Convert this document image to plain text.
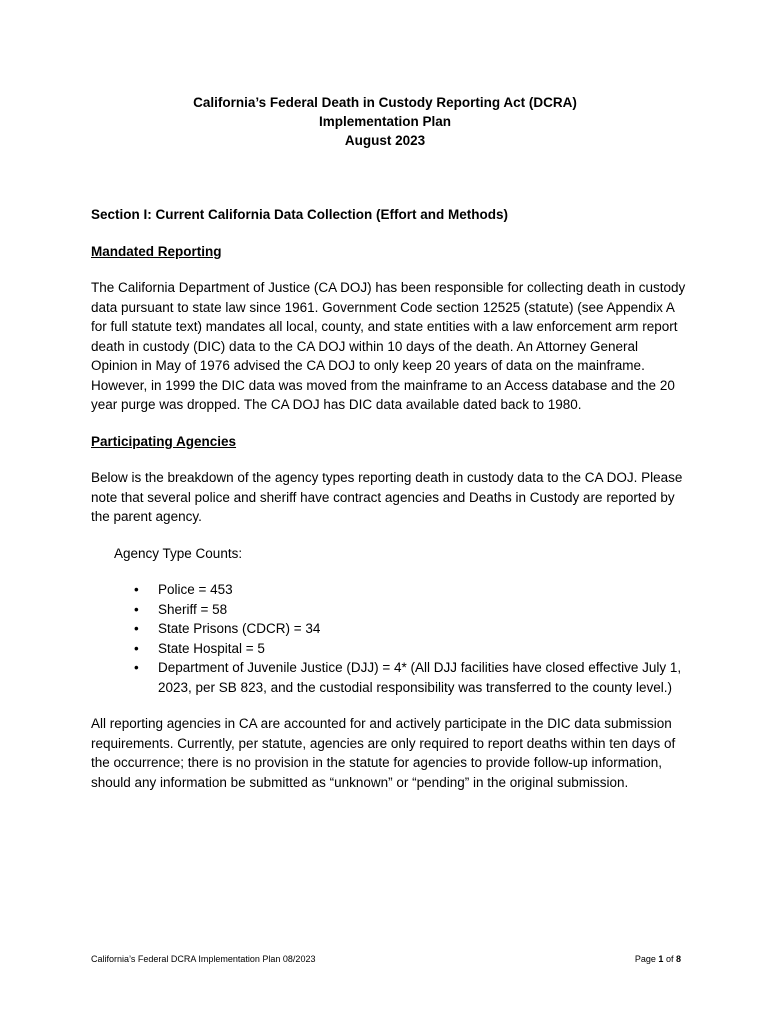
California’s Federal Death in Custody Reporting Act (DCRA)
Implementation Plan
August 2023

Section I: Current California Data Collection (Effort and Methods)

Mandated Reporting

The California Department of Justice (CA DOJ) has been responsible for collecting death in custody data pursuant to state law since 1961. Government Code section 12525 (statute) (see Appendix A for full statute text) mandates all local, county, and state entities with a law enforcement arm report death in custody (DIC) data to the CA DOJ within 10 days of the death. An Attorney General Opinion in May of 1976 advised the CA DOJ to only keep 20 years of data on the mainframe. However, in 1999 the DIC data was moved from the mainframe to an Access database and the 20 year purge was dropped. The CA DOJ has DIC data available dated back to 1980.

Participating Agencies

Below is the breakdown of the agency types reporting death in custody data to the CA DOJ. Please note that several police and sheriff have contract agencies and Deaths in Custody are reported by the parent agency.

Agency Type Counts:

• Police = 453
• Sheriff = 58
• State Prisons (CDCR) = 34
• State Hospital = 5
• Department of Juvenile Justice (DJJ) = 4* (All DJJ facilities have closed effective July 1, 2023, per SB 823, and the custodial responsibility was transferred to the county level.)

All reporting agencies in CA are accounted for and actively participate in the DIC data submission requirements. Currently, per statute, agencies are only required to report deaths within ten days of the occurrence; there is no provision in the statute for agencies to provide follow-up information, should any information be submitted as “unknown” or “pending” in the original submission.

California’s Federal DCRA Implementation Plan 08/2023	Page 1 of 8
